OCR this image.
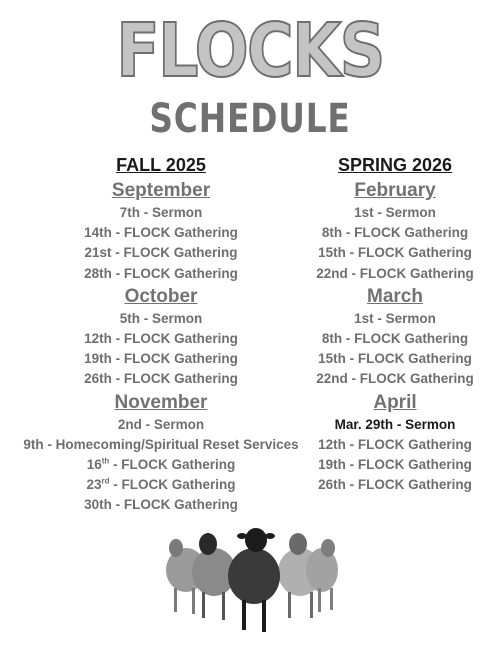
FLOCKS
SCHEDULE
FALL 2025
September
7th - Sermon
14th - FLOCK Gathering
21st - FLOCK Gathering
28th - FLOCK Gathering
October
5th - Sermon
12th - FLOCK Gathering
19th - FLOCK Gathering
26th - FLOCK Gathering
November
2nd - Sermon
9th - Homecoming/Spiritual Reset Services
16th - FLOCK Gathering
23rd - FLOCK Gathering
30th - FLOCK Gathering
SPRING 2026
February
1st - Sermon
8th - FLOCK Gathering
15th - FLOCK Gathering
22nd - FLOCK Gathering
March
1st - Sermon
8th - FLOCK Gathering
15th - FLOCK Gathering
22nd - FLOCK Gathering
April
Mar. 29th - Sermon
12th - FLOCK Gathering
19th - FLOCK Gathering
26th - FLOCK Gathering
